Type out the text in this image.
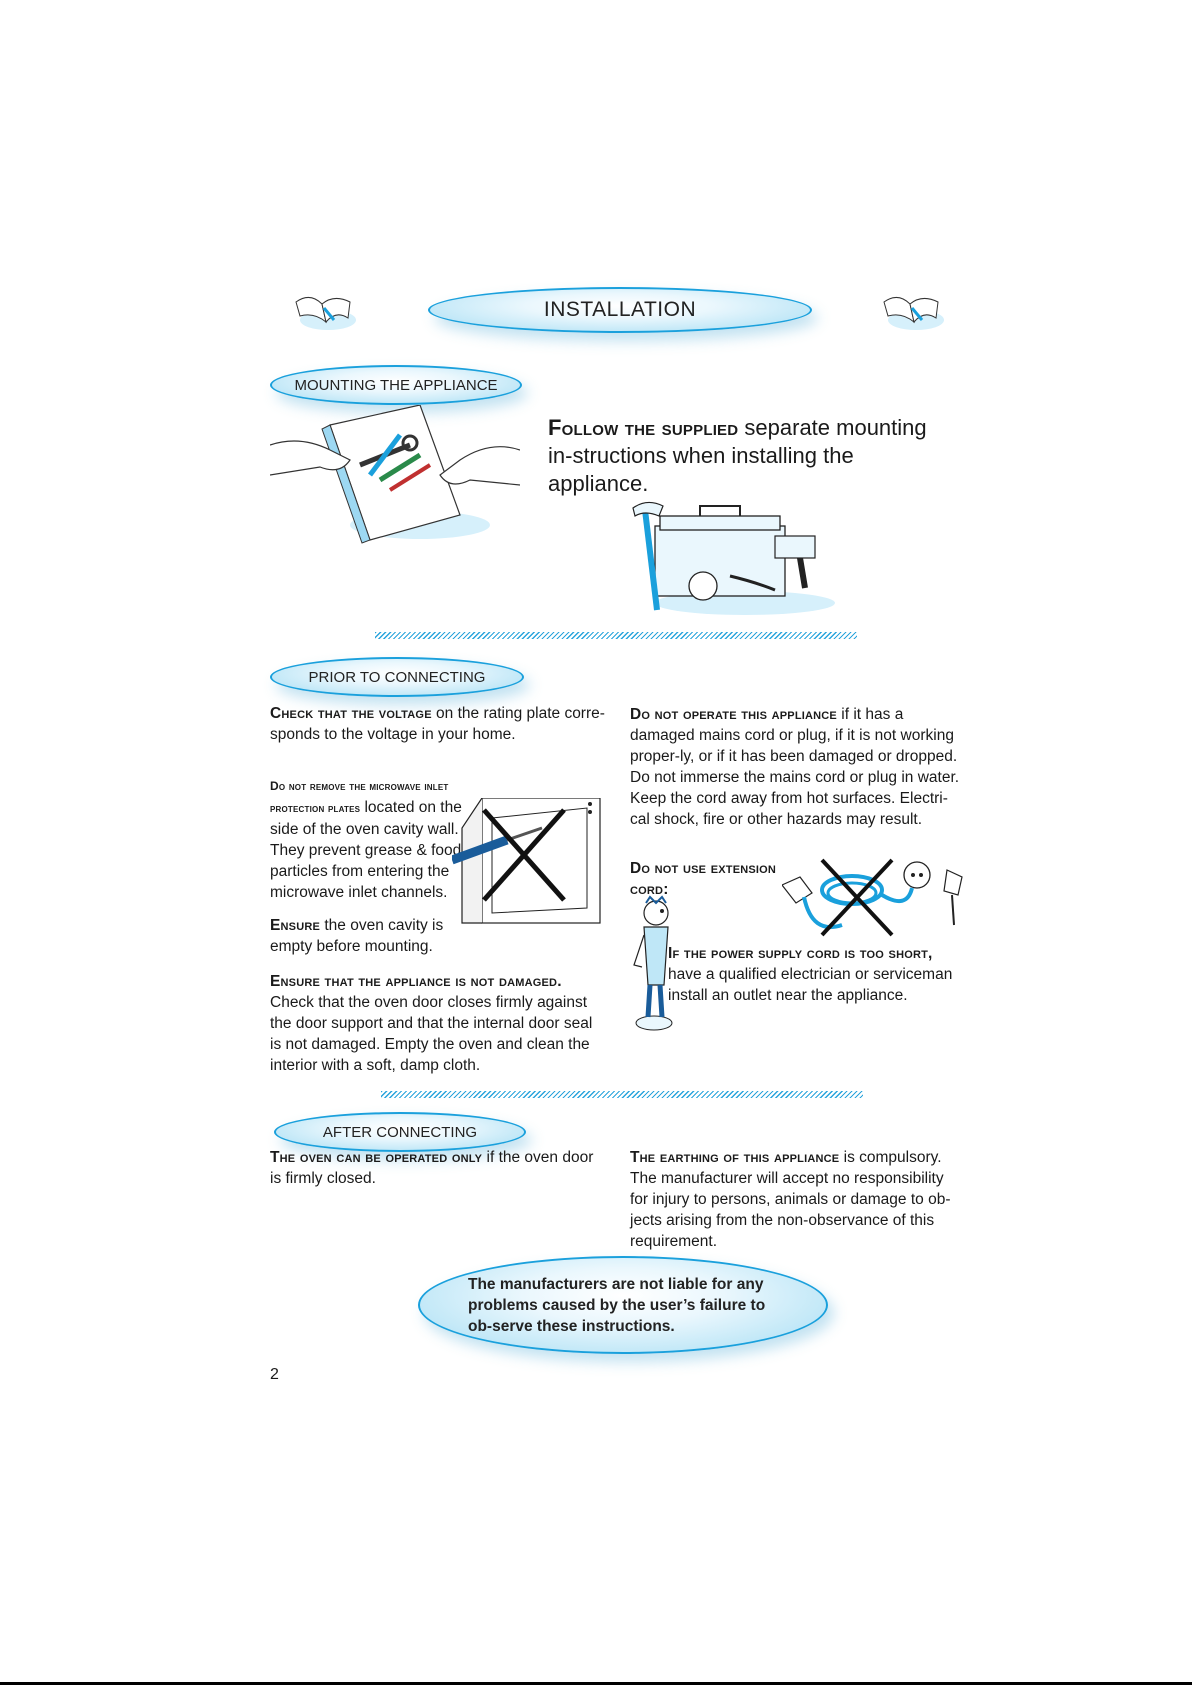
INSTALLATION
MOUNTING THE APPLIANCE

Follow the supplied separate mounting in-structions when installing the appliance.

PRIOR TO CONNECTING

Check that the voltage on the rating plate corre-sponds to the voltage in your home.

Do not remove the microwave inlet protection plates located on the side of the oven cavity wall. They prevent grease & food particles from entering the microwave inlet channels.

Ensure the oven cavity is empty before mounting.

Ensure that the appliance is not damaged. Check that the oven door closes firmly against the door support and that the internal door seal is not damaged. Empty the oven and clean the interior with a soft, damp cloth.

Do not operate this appliance if it has a damaged mains cord or plug, if it is not working proper-ly, or if it has been damaged or dropped. Do not immerse the mains cord or plug in water. Keep the cord away from hot surfaces. Electri-cal shock, fire or other hazards may result.

Do not use extension cord:

If the power supply cord is too short, have a qualified electrician or serviceman install an outlet near the appliance.

AFTER CONNECTING

The oven can be operated only if the oven door is firmly closed.

The earthing of this appliance is compulsory. The manufacturer will accept no responsibility for injury to persons, animals or damage to ob-jects arising from the non-observance of this requirement.

The manufacturers are not liable for any problems caused by the user’s failure to ob-serve these instructions.
2
